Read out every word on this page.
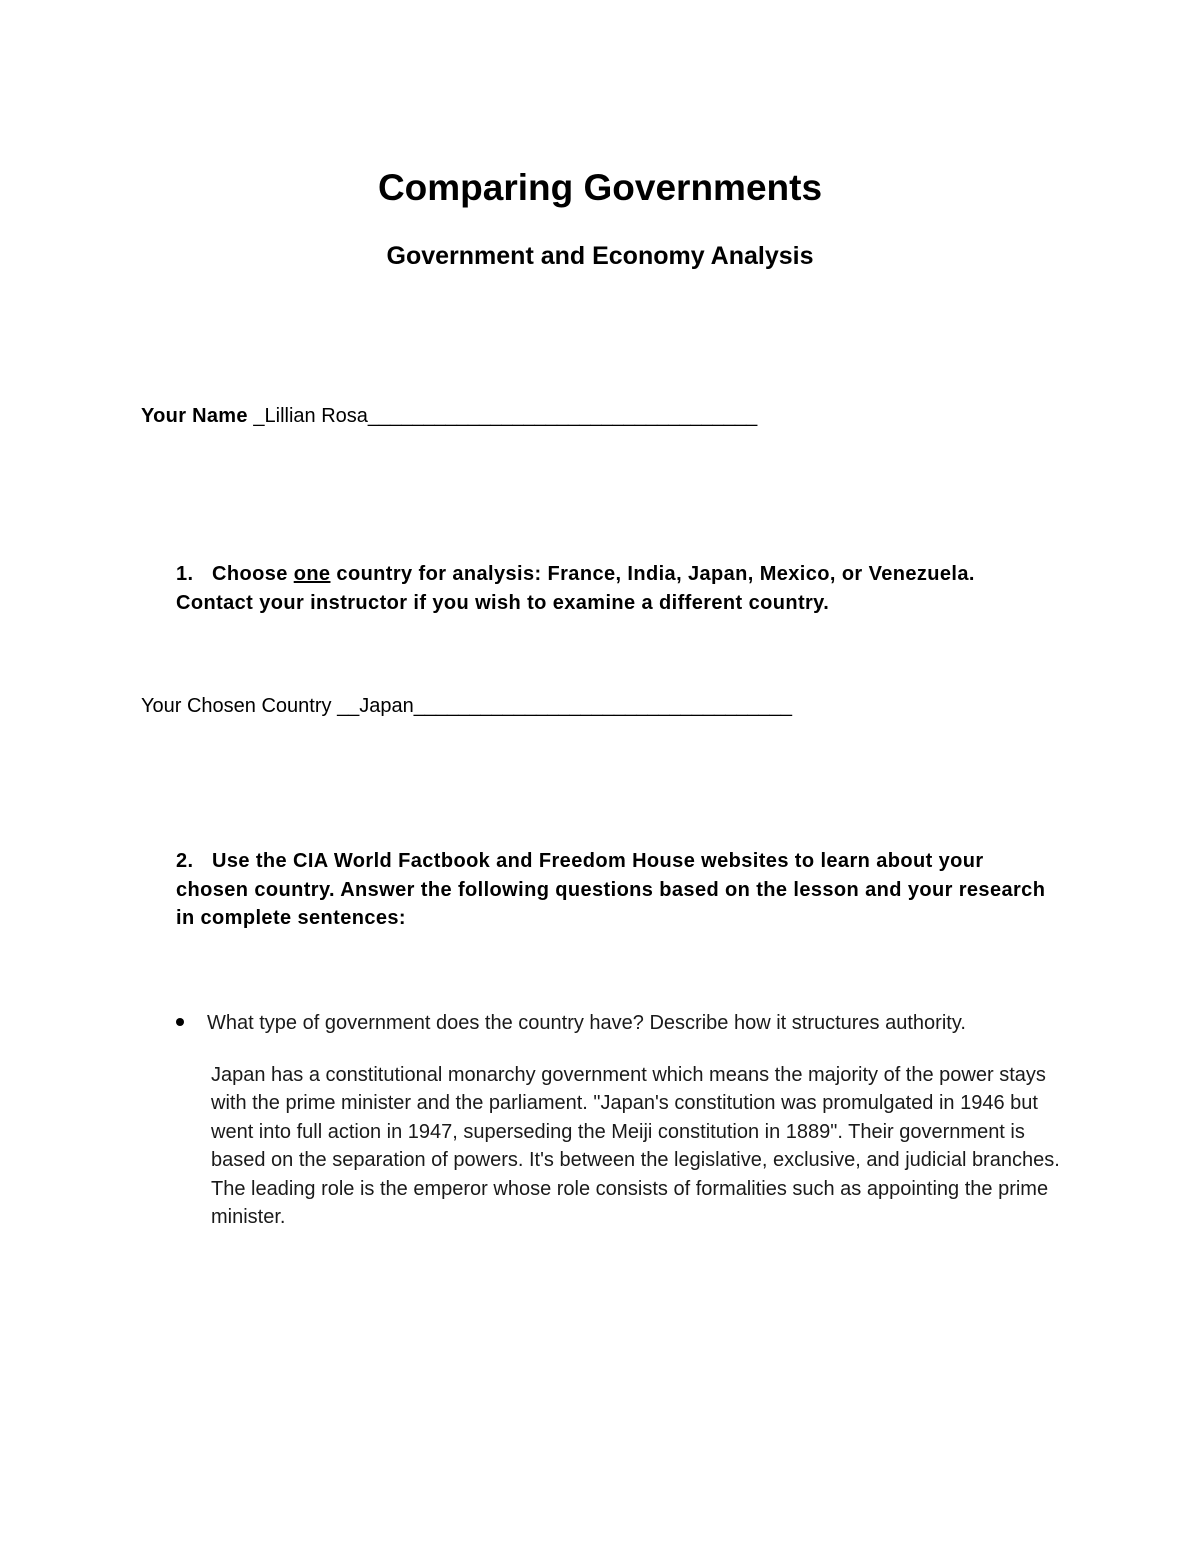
Comparing Governments
Government and Economy Analysis
Your Name _Lillian Rosa___________________________________
1. Choose one country for analysis: France, India, Japan, Mexico, or Venezuela. Contact your instructor if you wish to examine a different country.
Your Chosen Country __Japan__________________________________
2. Use the CIA World Factbook and Freedom House websites to learn about your chosen country. Answer the following questions based on the lesson and your research in complete sentences:
What type of government does the country have? Describe how it structures authority.
Japan has a constitutional monarchy government which means the majority of the power stays with the prime minister and the parliament. "Japan's constitution was promulgated in 1946 but went into full action in 1947, superseding the Meiji constitution in 1889". Their government is based on the separation of powers. It's between the legislative, exclusive, and judicial branches. The leading role is the emperor whose role consists of formalities such as appointing the prime minister.
